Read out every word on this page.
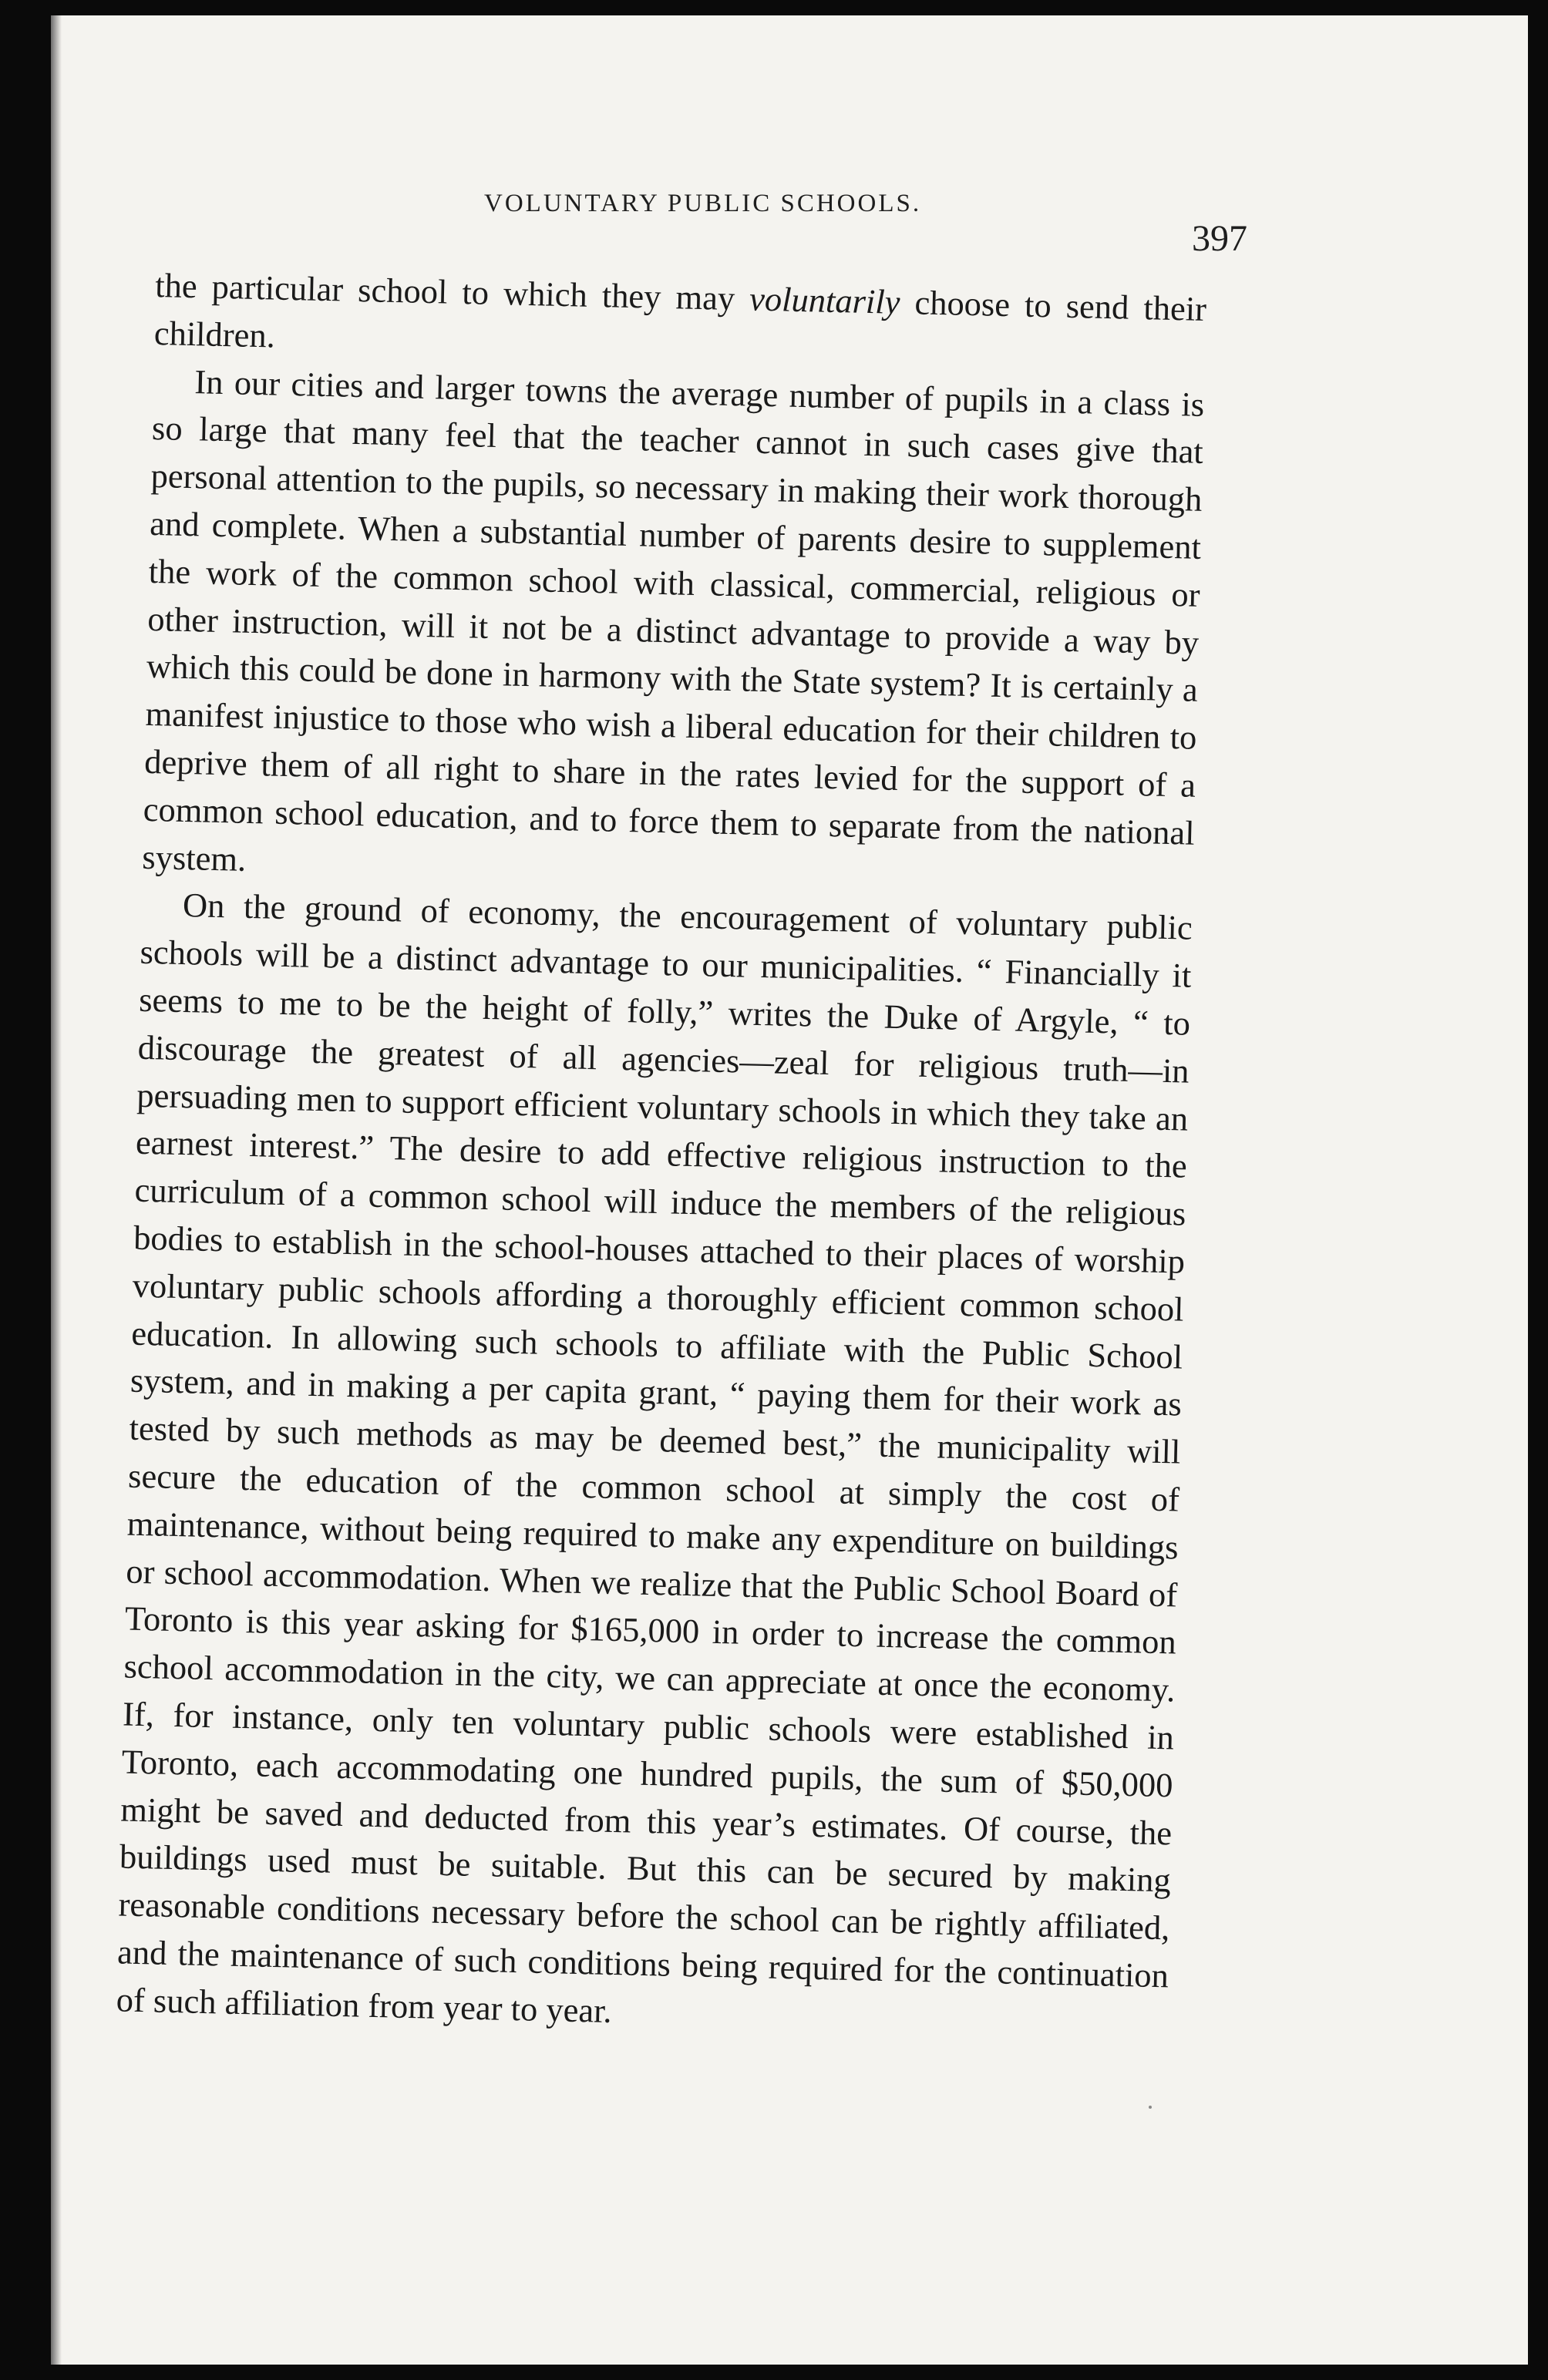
VOLUNTARY PUBLIC SCHOOLS.
397

the particular school to which they may voluntarily choose to send their children.

In our cities and larger towns the average number of pupils in a class is so large that many feel that the teacher cannot in such cases give that personal attention to the pupils, so necessary in making their work thorough and complete. When a substantial number of parents desire to supplement the work of the common school with classical, commercial, religious or other instruction, will it not be a distinct advantage to provide a way by which this could be done in harmony with the State system? It is certainly a manifest injustice to those who wish a liberal education for their children to deprive them of all right to share in the rates levied for the support of a common school education, and to force them to separate from the national system.

On the ground of economy, the encouragement of voluntary public schools will be a distinct advantage to our municipalities. “ Financially it seems to me to be the height of folly,” writes the Duke of Argyle, “ to discourage the greatest of all agencies—zeal for religious truth—in persuading men to support efficient voluntary schools in which they take an earnest interest.” The desire to add effective religious instruction to the curriculum of a common school will induce the members of the religious bodies to establish in the school-houses attached to their places of worship voluntary public schools affording a thoroughly efficient common school education. In allowing such schools to affiliate with the Public School system, and in making a per capita grant, “ paying them for their work as tested by such methods as may be deemed best,” the municipality will secure the education of the common school at simply the cost of maintenance, without being required to make any expenditure on buildings or school accommodation. When we realize that the Public School Board of Toronto is this year asking for $165,000 in order to increase the common school accommodation in the city, we can appreciate at once the economy. If, for instance, only ten voluntary public schools were established in Toronto, each accommodating one hundred pupils, the sum of $50,000 might be saved and deducted from this year’s estimates. Of course, the buildings used must be suitable. But this can be secured by making reasonable conditions necessary before the school can be rightly affiliated, and the maintenance of such conditions being required for the continuation of such affiliation from year to year.
